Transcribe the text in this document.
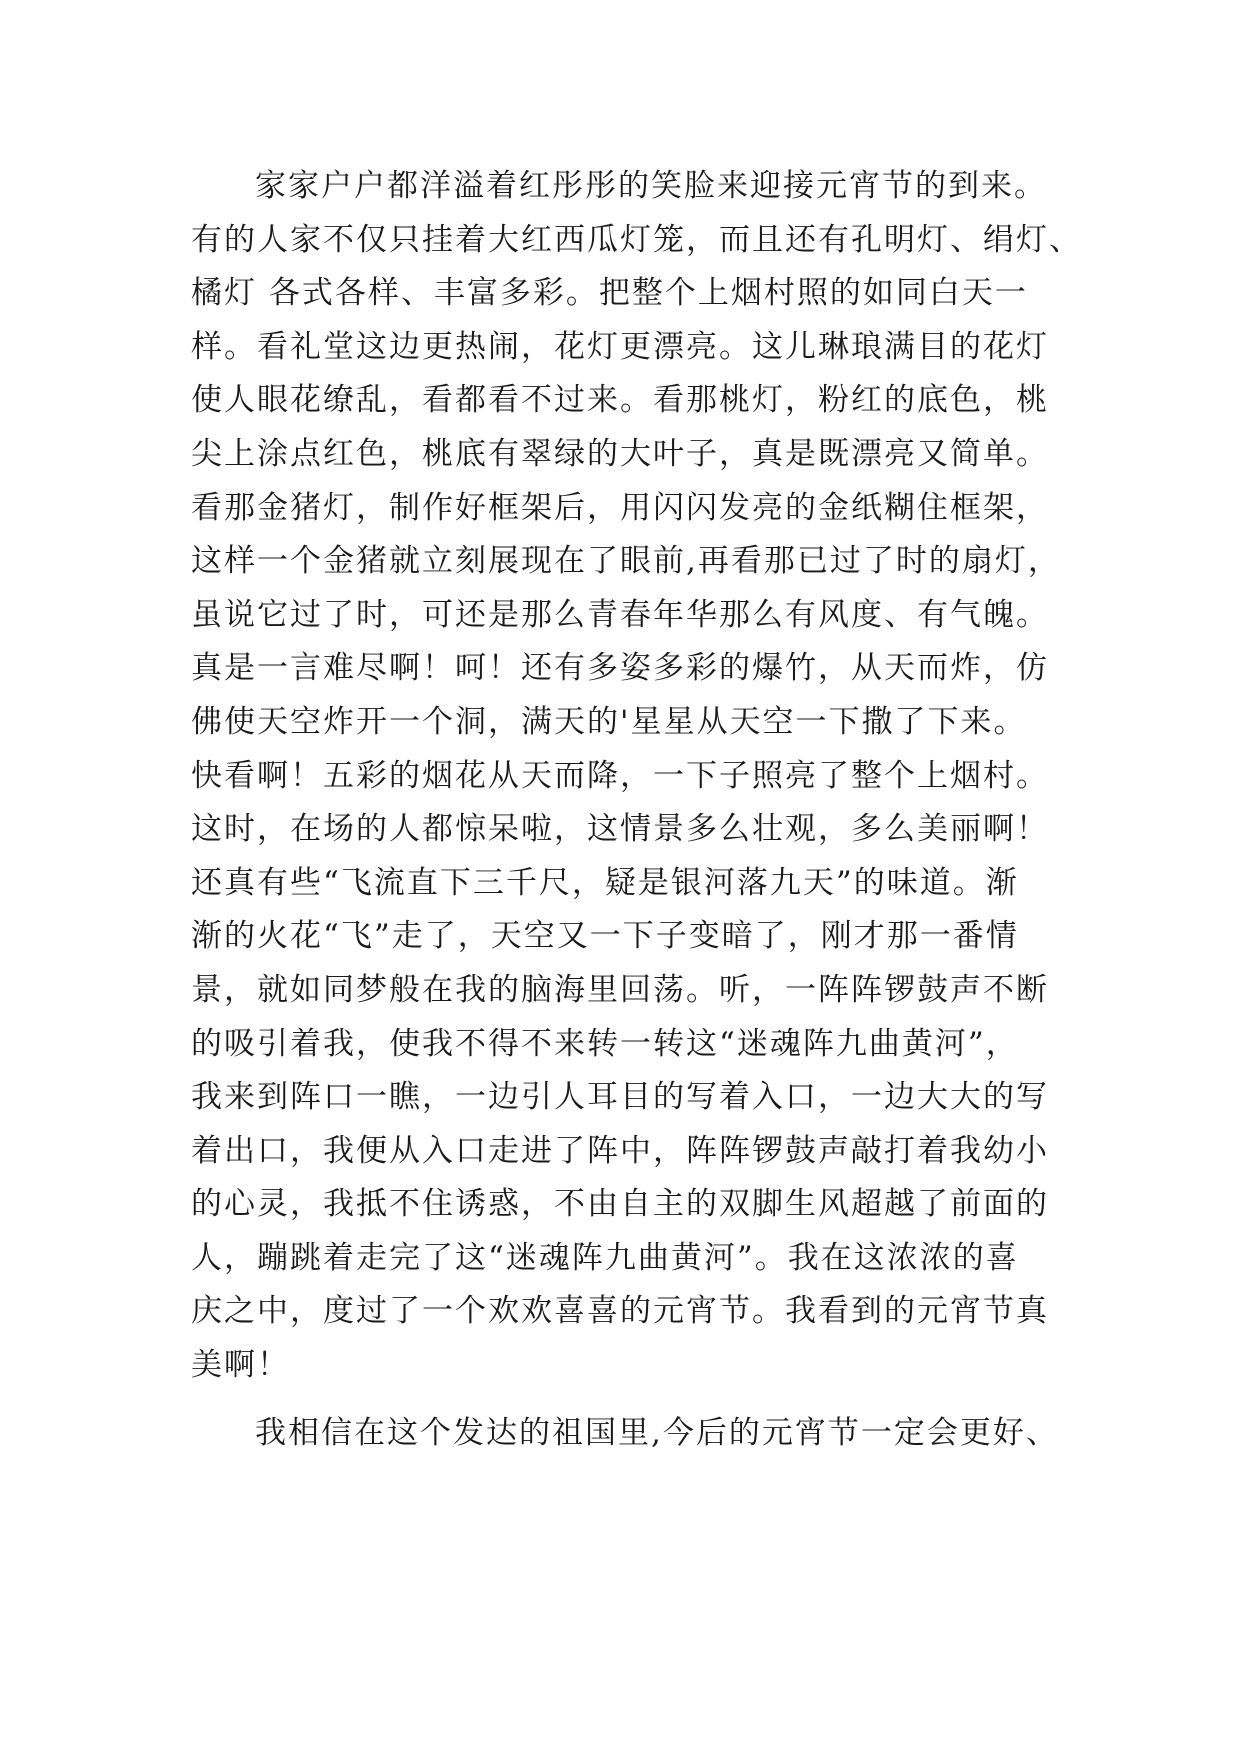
家家户户都洋溢着红彤彤的笑脸来迎接元宵节的到来。
有的人家不仅只挂着大红西瓜灯笼，而且还有孔明灯、绢灯、
橘灯 各式各样、丰富多彩。把整个上烟村照的如同白天一
样。看礼堂这边更热闹，花灯更漂亮。这儿琳琅满目的花灯
使人眼花缭乱，看都看不过来。看那桃灯，粉红的底色，桃
尖上涂点红色，桃底有翠绿的大叶子，真是既漂亮又简单。
看那金猪灯，制作好框架后，用闪闪发亮的金纸糊住框架，
这样一个金猪就立刻展现在了眼前,再看那已过了时的扇灯，
虽说它过了时，可还是那么青春年华那么有风度、有气魄。
真是一言难尽啊！呵！还有多姿多彩的爆竹，从天而炸，仿
佛使天空炸开一个洞，满天的'星星从天空一下撒了下来。
快看啊！五彩的烟花从天而降，一下子照亮了整个上烟村。
这时，在场的人都惊呆啦，这情景多么壮观，多么美丽啊！
还真有些“飞流直下三千尺，疑是银河落九天”的味道。渐
渐的火花“飞”走了，天空又一下子变暗了，刚才那一番情
景，就如同梦般在我的脑海里回荡。听，一阵阵锣鼓声不断
的吸引着我，使我不得不来转一转这“迷魂阵九曲黄河”，
我来到阵口一瞧，一边引人耳目的写着入口，一边大大的写
着出口，我便从入口走进了阵中，阵阵锣鼓声敲打着我幼小
的心灵，我抵不住诱惑，不由自主的双脚生风超越了前面的
人，蹦跳着走完了这“迷魂阵九曲黄河”。我在这浓浓的喜
庆之中，度过了一个欢欢喜喜的元宵节。我看到的元宵节真
美啊！
我相信在这个发达的祖国里,今后的元宵节一定会更好、
